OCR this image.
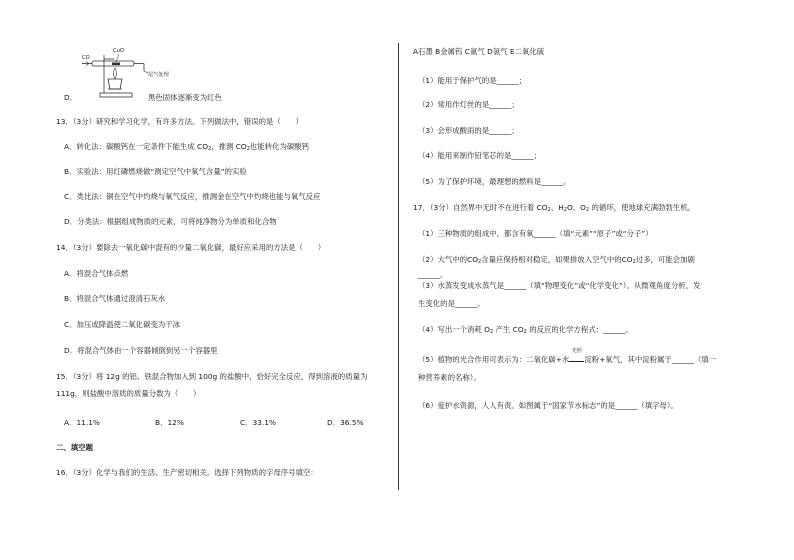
CO
CuO
尾气处理
D．	黑色固体逐渐变为红色
13．（3分）研究和学习化学，有许多方法。下列做法中，错误的是（　　）
A．转化法：碳酸钙在一定条件下能生成 $CO_2$，推测 $CO_2$也能转化为碳酸钙
B．实验法：用红磷燃烧做“测定空气中氧气含量”的实验
C．类比法：铜在空气中灼烧与氧气反应，推测金在空气中灼烧也能与氧气反应
D．分类法：根据组成物质的元素，可将纯净物分为单质和化合物
14．（3分）要除去一氧化碳中混有的少量二氧化碳，最好应采用的方法是（　　）
A．将混合气体点燃
B．将混合气体通过澄清石灰水
C．加压或降温使二氧化碳变为干冰
D．将混合气体由一个容器倾倒到另一个容器里
15．（3分）将 12g 的铝、铁混合物加入到 100g 的盐酸中，恰好完全反应，得到溶液的质量为
111g，则盐酸中溶质的质量分数为（　　）
A．11.1%	B．12%	C．33.1%	D．36.5%
二、填空题
16．（3分）化学与我们的生活、生产密切相关。选择下列物质的字母序号填空：
A石墨 B金属钨 C氮气 D氢气 E二氧化硫
（1）能用于保护气的是______；
（2）常用作灯丝的是______；
（3）会形成酸雨的是______；
（4）能用来制作铅笔芯的是______；
（5）为了保护环境，最理想的燃料是______。
17．（3分）自然界中无时不在进行着 $CO_2$、$H_2O$、$O_2$ 的循环，使地球充满勃勃生机。
（1）三种物质的组成中，都含有氧______（填“元素”“原子”或“分子”）
（2）大气中的$CO_2$含量应保持相对稳定，如果排放入空气中的$CO_2$过多，可能会加剧
______。
（3）水蒸发变成水蒸气是______（填“物理变化”或“化学变化”）。从微观角度分析，发
生变化的是______。
（4）写出一个消耗 $O_2$ 产生 $CO_2$ 的反应的化学方程式：______。
（5）植物的光合作用可表示为：二氧化碳+水
光照
淀粉+氧气，其中淀粉属于______（填一
种营养素的名称）。
（6）爱护水资源，人人有责。如图属于“国家节水标志”的是______（填字母）。
